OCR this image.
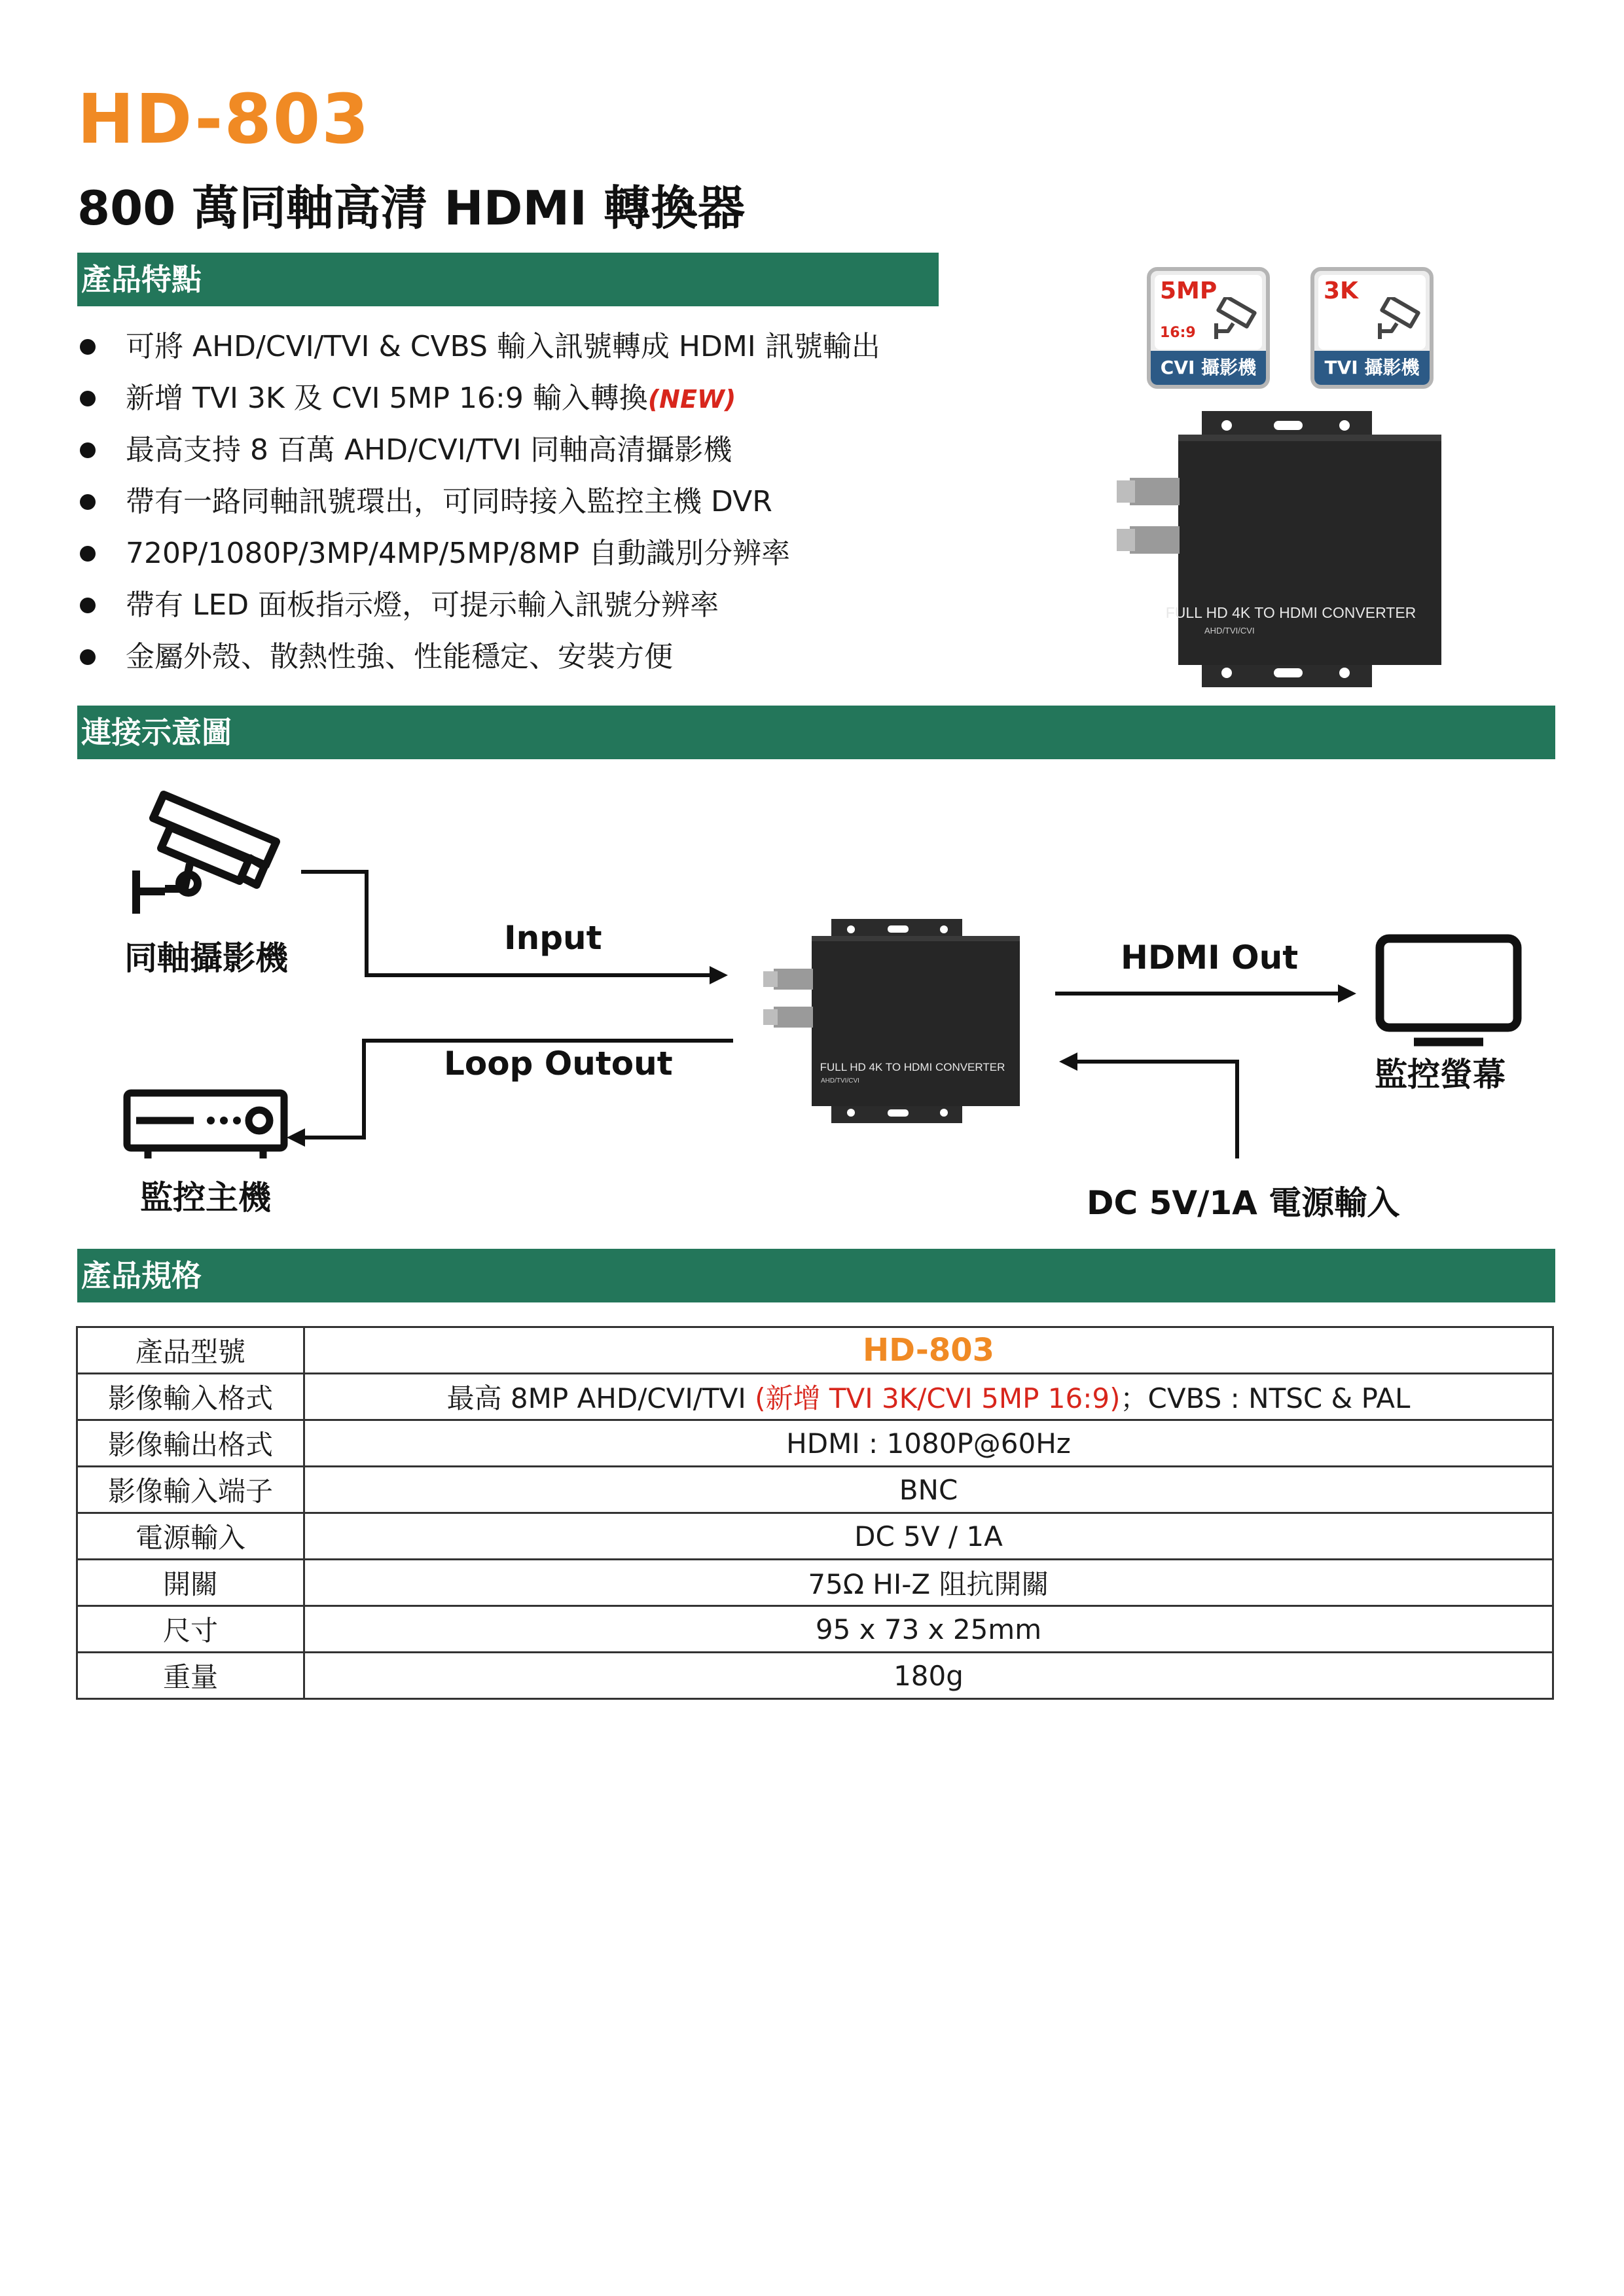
HD-803
800 萬同軸高清 HDMI 轉換器
產品特點
可將 AHD/CVI/TVI & CVBS 輸入訊號轉成 HDMI 訊號輸出
新增 TVI 3K 及 CVI 5MP 16:9 輸入轉換(NEW)
最高支持 8 百萬 AHD/CVI/TVI 同軸高清攝影機
帶有一路同軸訊號環出，可同時接入監控主機 DVR
720P/1080P/3MP/4MP/5MP/8MP 自動識別分辨率
帶有 LED 面板指示燈，可提示輸入訊號分辨率
金屬外殼、散熱性強、性能穩定、安裝方便
5MP
16:9
CVI 攝影機
3K
TVI 攝影機
FULL HD 4K TO HDMI CONVERTER
AHD/TVI/CVI
連接示意圖
同軸攝影機
監控主機
Input
Loop Outout
HDMI Out
DC 5V/1A 電源輸入
FULL HD 4K TO HDMI CONVERTER
AHD/TVI/CVI	監控螢幕
產品規格
產品型號	HD-803
影像輸入格式	最高 8MP AHD/CVI/TVI (新增 TVI 3K/CVI 5MP 16:9)；CVBS : NTSC & PAL
影像輸出格式	HDMI : 1080P@60Hz
影像輸入端子	BNC
電源輸入	DC 5V / 1A
開關	75Ω HI-Z 阻抗開關
尺寸	95 x 73 x 25mm
重量	180g
